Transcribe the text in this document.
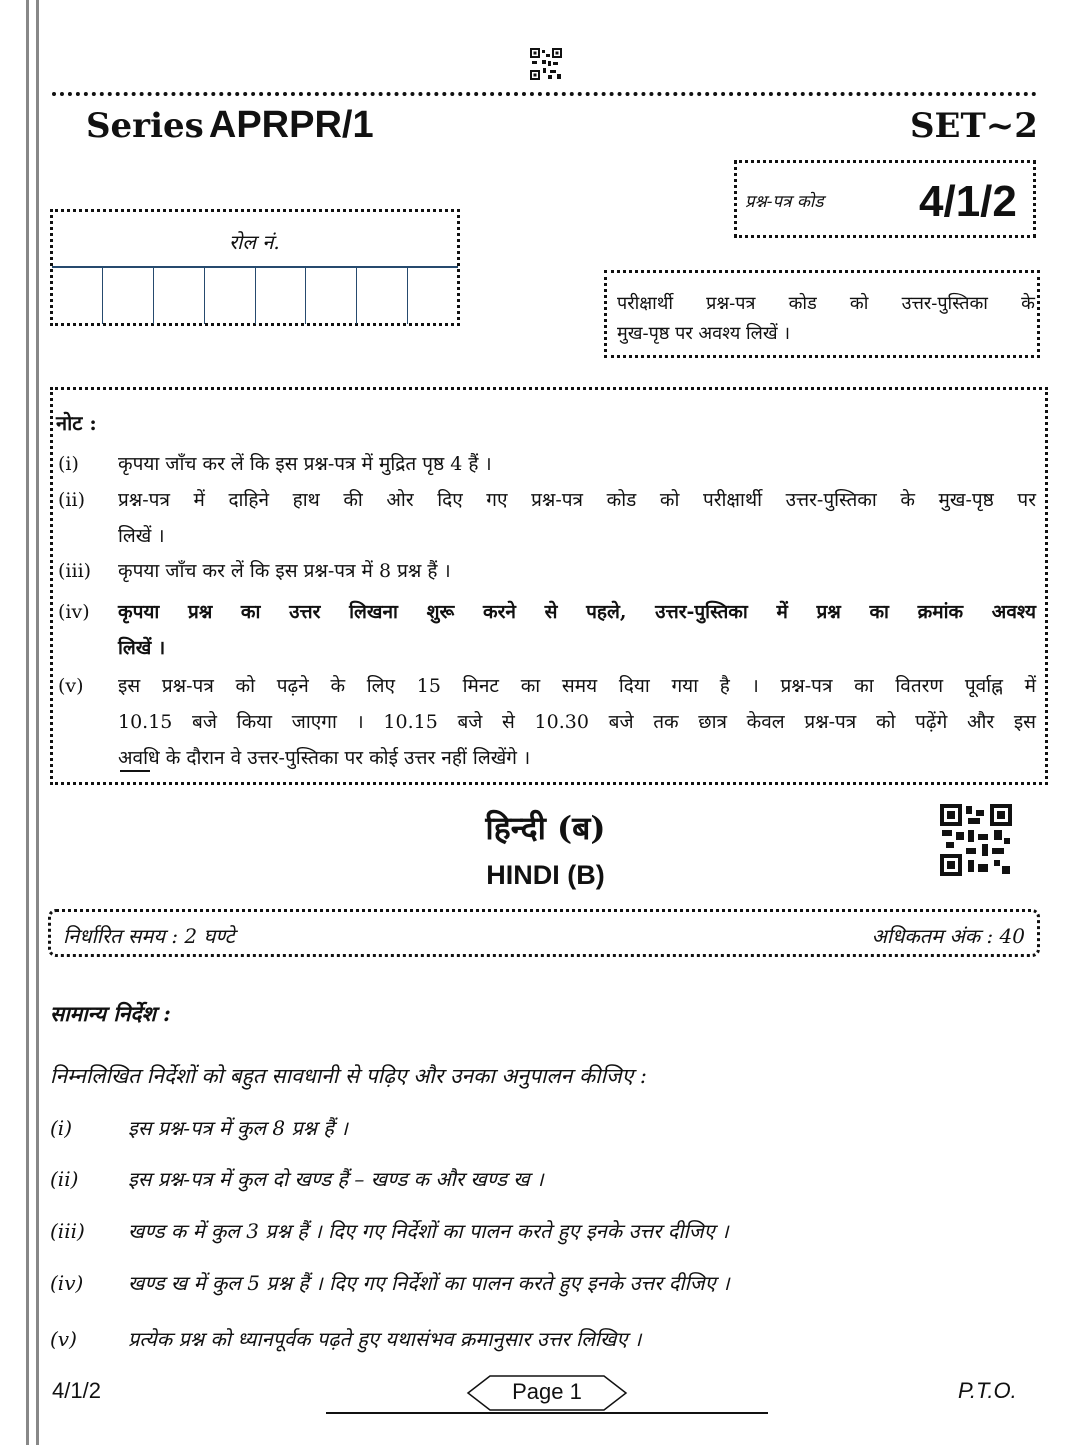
Series APRPR/1	SET~2
प्रश्न-पत्र कोड 4/1/2
रोल नं.
परीक्षार्थी प्रश्न-पत्र कोड को उत्तर-पुस्तिका के
मुख-पृष्ठ पर अवश्य लिखें ।
नोट :
(i) कृपया जाँच कर लें कि इस प्रश्न-पत्र में मुद्रित पृष्ठ 4 हैं ।
(ii) प्रश्न-पत्र में दाहिने हाथ की ओर दिए गए प्रश्न-पत्र कोड को परीक्षार्थी उत्तर-पुस्तिका के मुख-पृष्ठ पर
लिखें ।
(iii) कृपया जाँच कर लें कि इस प्रश्न-पत्र में 8 प्रश्न हैं ।
(iv) कृपया प्रश्न का उत्तर लिखना शुरू करने से पहले, उत्तर-पुस्तिका में प्रश्न का क्रमांक अवश्य
लिखें ।
(v) इस प्रश्न-पत्र को पढ़ने के लिए 15 मिनट का समय दिया गया है । प्रश्न-पत्र का वितरण पूर्वाह्न में
10.15 बजे किया जाएगा । 10.15 बजे से 10.30 बजे तक छात्र केवल प्रश्न-पत्र को पढ़ेंगे और इस
अवधि के दौरान वे उत्तर-पुस्तिका पर कोई उत्तर नहीं लिखेंगे ।
हिन्दी (ब)
HINDI (B)
निर्धारित समय : 2 घण्टे	अधिकतम अंक : 40
सामान्य निर्देश :
निम्नलिखित निर्देशों को बहुत सावधानी से पढ़िए और उनका अनुपालन कीजिए :
(i)	इस प्रश्न-पत्र में कुल 8 प्रश्न हैं ।
(ii) इस प्रश्न-पत्र में कुल दो खण्ड हैं – खण्ड क और खण्ड ख ।
(iii) खण्ड क में कुल 3 प्रश्न हैं । दिए गए निर्देशों का पालन करते हुए इनके उत्तर दीजिए ।
(iv) खण्ड ख में कुल 5 प्रश्न हैं । दिए गए निर्देशों का पालन करते हुए इनके उत्तर दीजिए ।
(v)	प्रत्येक प्रश्न को ध्यानपूर्वक पढ़ते हुए यथासंभव क्रमानुसार उत्तर लिखिए ।
4/1/2	Page 1	P.T.O.
